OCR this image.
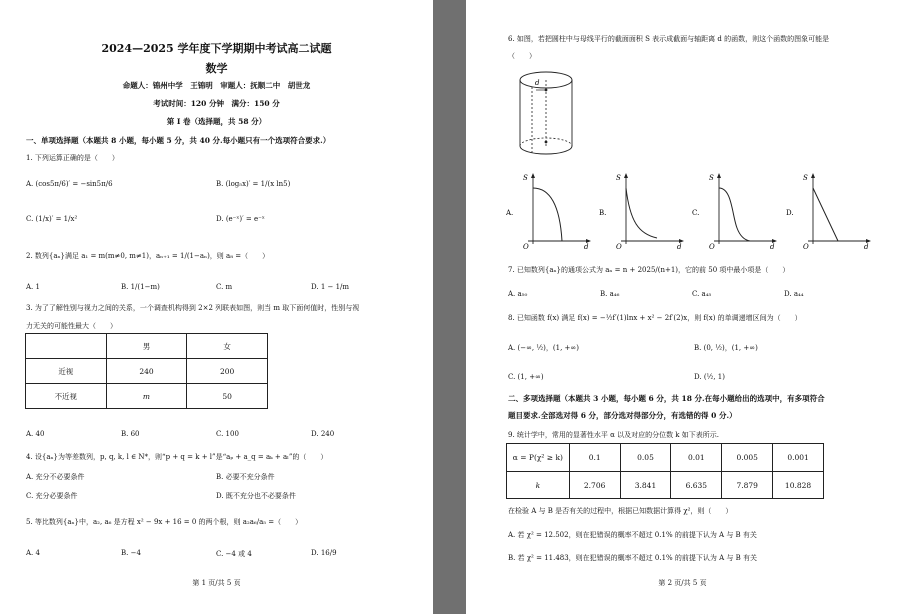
2024—2025 学年度下学期期中考试高二试题
数学
命题人：锦州中学　王锦明　审题人：抚顺二中　胡世龙
考试时间：120 分钟　满分：150 分
第 I 卷（选择题，共 58 分）
一、单项选择题（本题共 8 小题，每小题 5 分，共 40 分.每小题只有一个选项符合要求.）
1. 下列运算正确的是（　　）
A. (cos5π/6)′ = −sin5π/6	B. (log₅x)′ = 1/(x ln5)
C. (1/x)′ = 1/x²	D. (e⁻ˣ)′ = e⁻ˣ
2. 数列{aₙ}满足 a₁ = m(m≠0, m≠1)，aₙ₊₁ = 1/(1−aₙ)，则 a₈ =（　　）
A. 1	B. 1/(1−m)	C. m	D. 1 − 1/m
3. 为了了解性别与视力之间的关系，一个调查机构得到 2×2 列联表如图，则当 m 取下面何值时，性别与视
力无关的可能性最大（　　）
	男	女
近视	240	200
不近视	m	50
A. 40	B. 60	C. 100	D. 240
4. 设{aₙ}为等差数列，p, q, k, l ∈ N*，则“p + q = k + l”是“aₚ + a_q = aₖ + aₗ”的（　　）
A. 充分不必要条件	B. 必要不充分条件
C. 充分必要条件	D. 既不充分也不必要条件
5. 等比数列{aₙ}中，a₂, a₆ 是方程 x² − 9x + 16 = 0 的两个根，则 a₂a₆/a₅ =（　　）
A. 4	B. −4	C. −4 或 4	D. 16/9
第 1 页/共 5 页
6. 如图，若把圆柱中与母线平行的截面面积 S 表示成截面与轴距离 d 的函数，则这个函数的图象可能是
（　　）
d
A.
S
O	d
B.
S
O	d
C.
S
O	d
D.
S
O	d
7. 已知数列{aₙ}的通项公式为 aₙ = n + 2025/(n+1)，它的前 50 项中最小项是（　　）
A. a₅₀	B. a₄₆	C. a₄₅	D. a₄₄
8. 已知函数 f(x) 满足 f(x) = −½f′(1)lnx + x² − 2f′(2)x，则 f(x) 的单调递增区间为（　　）
A. (−∞, ½)，(1, +∞)	B. (0, ½)，(1, +∞)
C. (1, +∞)	D. (½, 1)
二、多项选择题（本题共 3 小题，每小题 6 分，共 18 分.在每小题给出的选项中，有多项符合
题目要求.全部选对得 6 分，部分选对得部分分，有选错的得 0 分.）
9. 统计学中，常用的显著性水平 α 以及对应的分位数 k 如下表所示.
α = P(χ² ≥ k)	0.1	0.05	0.01	0.005	0.001
k	2.706	3.841	6.635	7.879	10.828
在检验 A 与 B 是否有关的过程中，根据已知数据计算得 χ²，则（　　）
A. 若 χ² = 12.502，则在犯错误的概率不超过 0.1% 的前提下认为 A 与 B 有关
B. 若 χ² = 11.483，则在犯错误的概率不超过 0.1% 的前提下认为 A 与 B 有关
第 2 页/共 5 页
